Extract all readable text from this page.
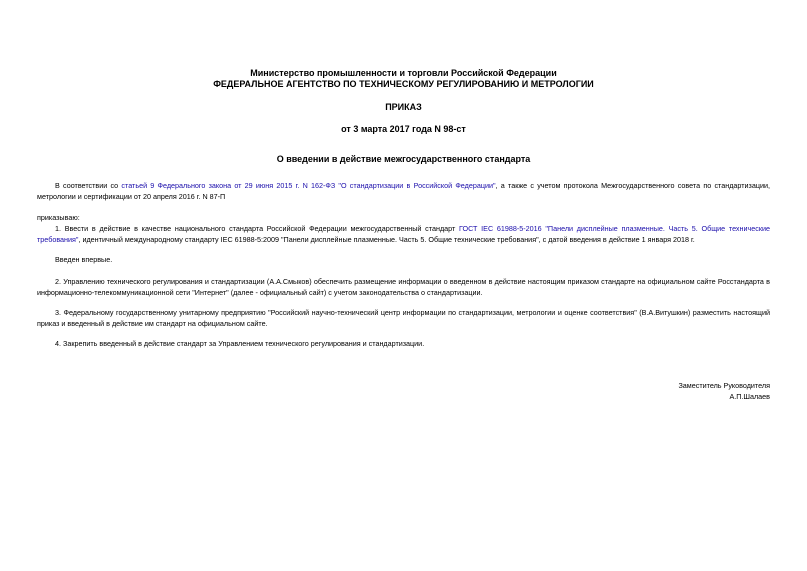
Министерство промышленности и торговли Российской Федерации
ФЕДЕРАЛЬНОЕ АГЕНТСТВО ПО ТЕХНИЧЕСКОМУ РЕГУЛИРОВАНИЮ И МЕТРОЛОГИИ
ПРИКАЗ
от 3 марта 2017 года N 98-ст
О введении в действие межгосударственного стандарта
В соответствии со статьей 9 Федерального закона от 29 июня 2015 г. N 162-ФЗ "О стандартизации в Российской Федерации", а также с учетом протокола Межгосударственного совета по стандартизации, метрологии и сертификации от 20 апреля 2016 г. N 87-П
приказываю:
1. Ввести в действие в качестве национального стандарта Российской Федерации межгосударственный стандарт ГОСТ IEC 61988-5-2016 "Панели дисплейные плазменные. Часть 5. Общие технические требования", идентичный международному стандарту IEC 61988-5:2009 "Панели дисплейные плазменные. Часть 5. Общие технические требования", с датой введения в действие 1 января 2018 г.
Введен впервые.
2. Управлению технического регулирования и стандартизации (А.А.Смыков) обеспечить размещение информации о введенном в действие настоящим приказом стандарте на официальном сайте Росстандарта в информационно-телекоммуникационной сети "Интернет" (далее - официальный сайт) с учетом законодательства о стандартизации.
3. Федеральному государственному унитарному предприятию "Российский научно-технический центр информации по стандартизации, метрологии и оценке соответствия" (В.А.Витушкин) разместить настоящий приказ и введенный в действие им стандарт на официальном сайте.
4. Закрепить введенный в действие стандарт за Управлением технического регулирования и стандартизации.
Заместитель Руководителя
А.П.Шалаев
